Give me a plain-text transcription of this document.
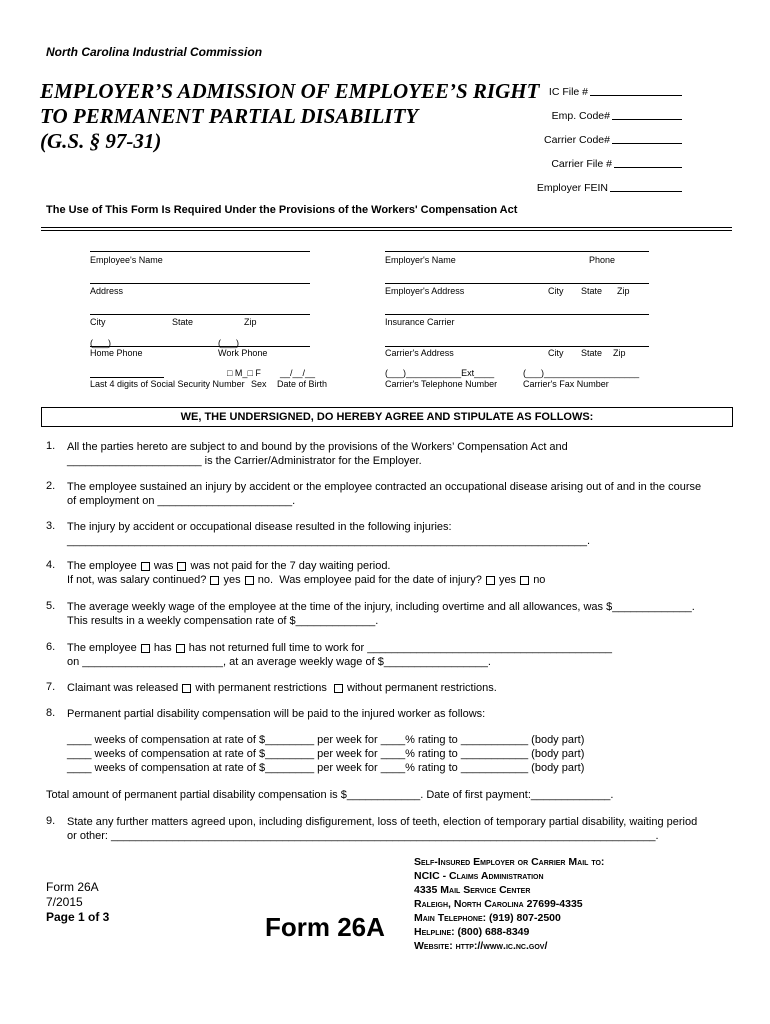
North Carolina Industrial Commission
EMPLOYER’S ADMISSION OF EMPLOYEE’S RIGHT
TO PERMANENT PARTIAL DISABILITY
(G.S. § 97-31)
IC File #
Emp. Code#
Carrier Code#
Carrier File #
Employer FEIN
The Use of This Form Is Required Under the Provisions of the Workers' Compensation Act
Employee's Name
Address
City	State	Zip
(___)	(___)
Home Phone	Work Phone
□ M_□ F __/__/__
Last 4 digits of Social Security Number Sex Date of Birth
Employer's Name	Phone
Employer's Address	City State Zip
Insurance Carrier
Carrier's Address	City State Zip
(___)___________Ext____	(___)___________________
Carrier's Telephone Number	Carrier's Fax Number
WE, THE UNDERSIGNED, DO HEREBY AGREE AND STIPULATE AS FOLLOWS:
1. All the parties hereto are subject to and bound by the provisions of the Workers’ Compensation Act and
______________________ is the Carrier/Administrator for the Employer.
2. The employee sustained an injury by accident or the employee contracted an occupational disease arising out of and in the course
of employment on ______________________.
3. The injury by accident or occupational disease resulted in the following injuries:
_____________________________________________________________________________________.
4. The employee was was not paid for the 7 day waiting period.
If not, was salary continued? yes no. Was employee paid for the date of injury? yes no
5. The average weekly wage of the employee at the time of the injury, including overtime and all allowances, was $_____________.
This results in a weekly compensation rate of $_____________.
6. The employee has has not returned full time to work for ________________________________________
on _______________________, at an average weekly wage of $_________________.
7. Claimant was released with permanent restrictions without permanent restrictions.
8. Permanent partial disability compensation will be paid to the injured worker as follows:
____ weeks of compensation at rate of $________ per week for ____% rating to ___________ (body part)
____ weeks of compensation at rate of $________ per week for ____% rating to ___________ (body part)
____ weeks of compensation at rate of $________ per week for ____% rating to ___________ (body part)
Total amount of permanent partial disability compensation is $____________. Date of first payment:_____________.
9. State any further matters agreed upon, including disfigurement, loss of teeth, election of temporary partial disability, waiting period
or other: _________________________________________________________________________________________.
Form 26A
7/2015
Page 1 of 3	Form 26A
Self-Insured Employer or Carrier Mail to:
NCIC - Claims Administration
4335 Mail Service Center
Raleigh, North Carolina 27699-4335
Main Telephone: (919) 807-2500
Helpline: (800) 688-8349
Website: http://www.ic.nc.gov/
